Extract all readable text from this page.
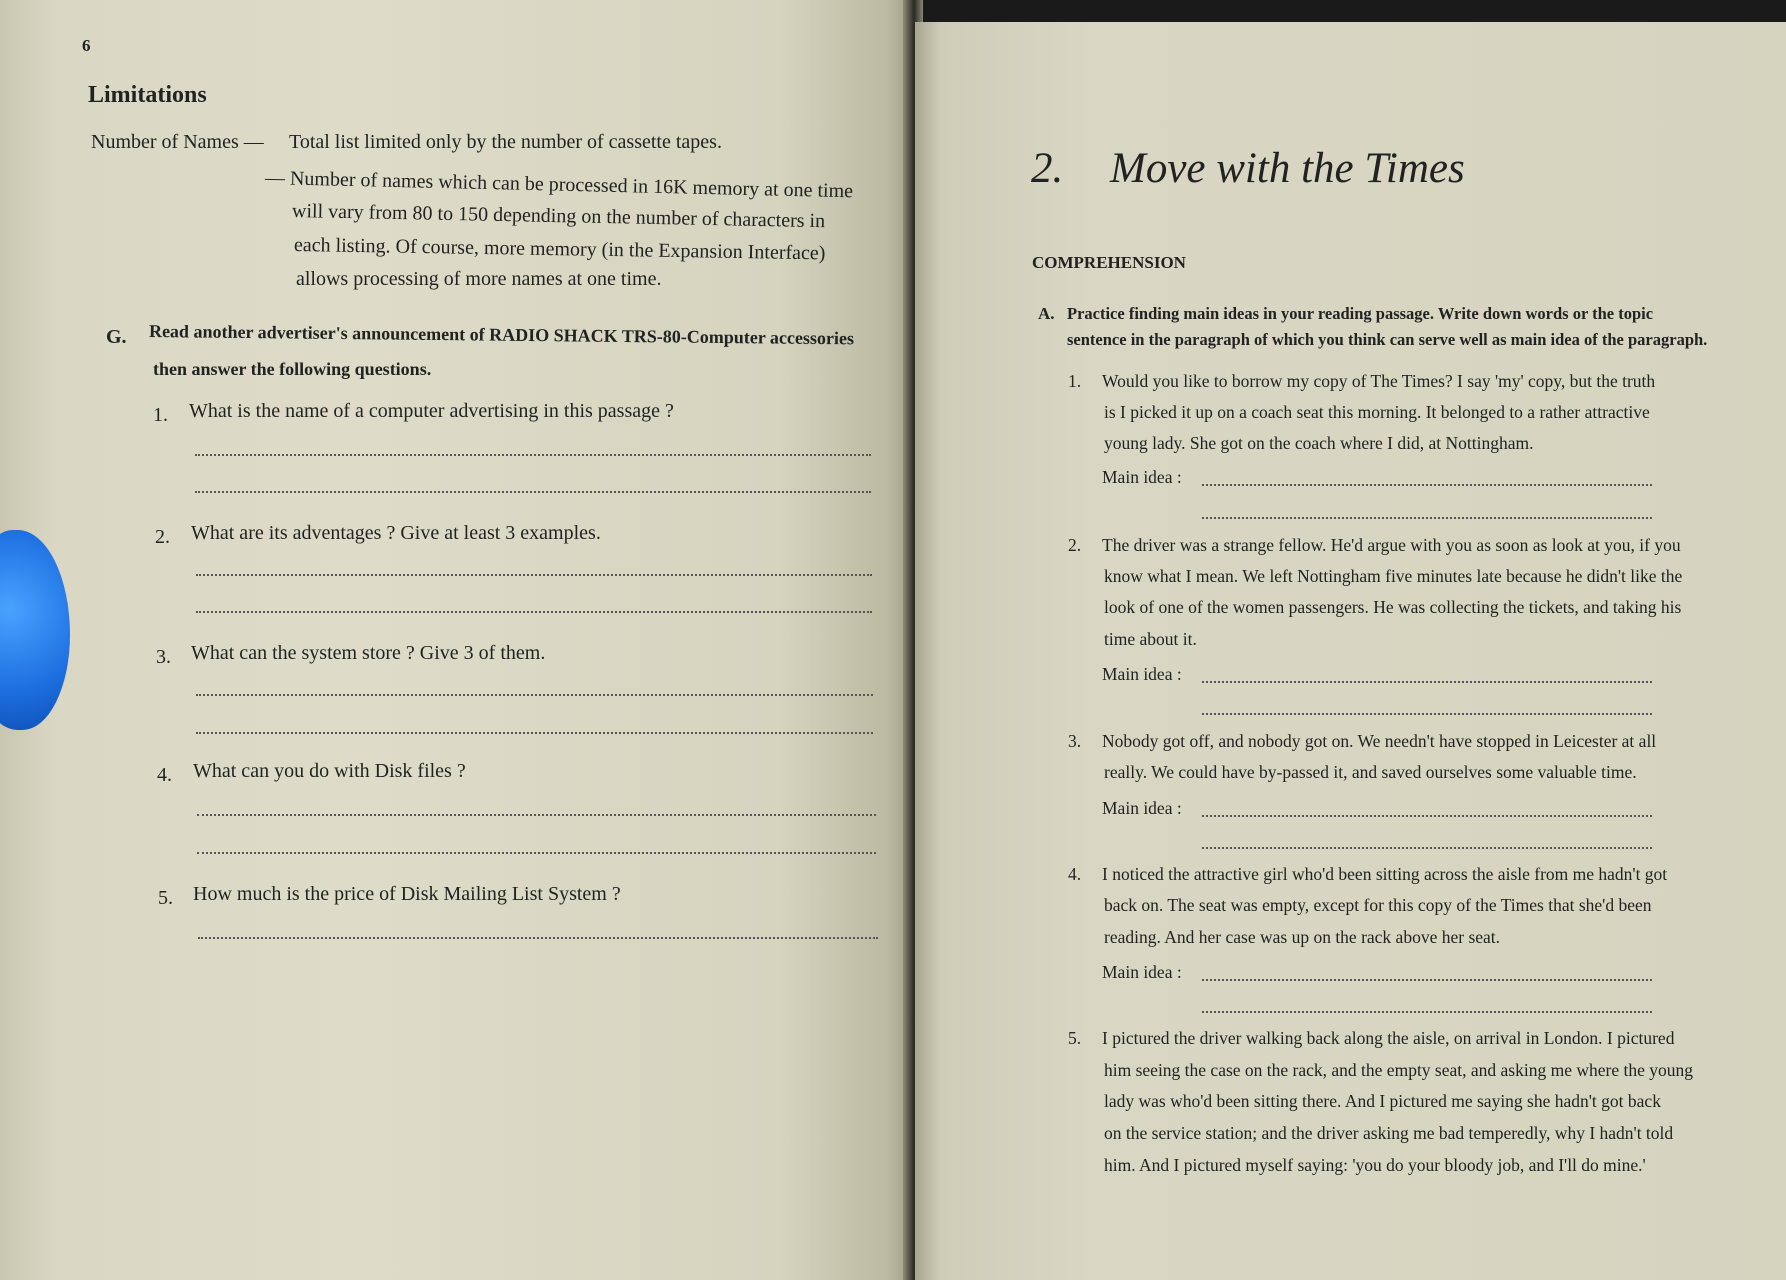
6
Limitations
Number of Names — Total list limited only by the number of cassette tapes.
— Number of names which can be processed in 16K memory at one time
will vary from 80 to 150 depending on the number of characters in
each listing. Of course, more memory (in the Expansion Interface)
allows processing of more names at one time.
G. Read another advertiser's announcement of RADIO SHACK TRS-80-Computer accessories
then answer the following questions.
1. What is the name of a computer advertising in this passage ?
2. What are its adventages ? Give at least 3 examples.
3. What can the system store ? Give 3 of them.
4. What can you do with Disk files ?
5. How much is the price of Disk Mailing List System ?
2. Move with the Times
COMPREHENSION
A. Practice finding main ideas in your reading passage. Write down words or the topic
sentence in the paragraph of which you think can serve well as main idea of the paragraph.
1. Would you like to borrow my copy of The Times? I say 'my' copy, but the truth
is I picked it up on a coach seat this morning. It belonged to a rather attractive
young lady. She got on the coach where I did, at Nottingham.
Main idea :
2. The driver was a strange fellow. He'd argue with you as soon as look at you, if you
know what I mean. We left Nottingham five minutes late because he didn't like the
look of one of the women passengers. He was collecting the tickets, and taking his
time about it.
Main idea :
3. Nobody got off, and nobody got on. We needn't have stopped in Leicester at all
really. We could have by-passed it, and saved ourselves some valuable time.
Main idea :
4. I noticed the attractive girl who'd been sitting across the aisle from me hadn't got
back on. The seat was empty, except for this copy of the Times that she'd been
reading. And her case was up on the rack above her seat.
Main idea :
5. I pictured the driver walking back along the aisle, on arrival in London. I pictured
him seeing the case on the rack, and the empty seat, and asking me where the young
lady was who'd been sitting there. And I pictured me saying she hadn't got back
on the service station; and the driver asking me bad temperedly, why I hadn't told
him. And I pictured myself saying: 'you do your bloody job, and I'll do mine.'
